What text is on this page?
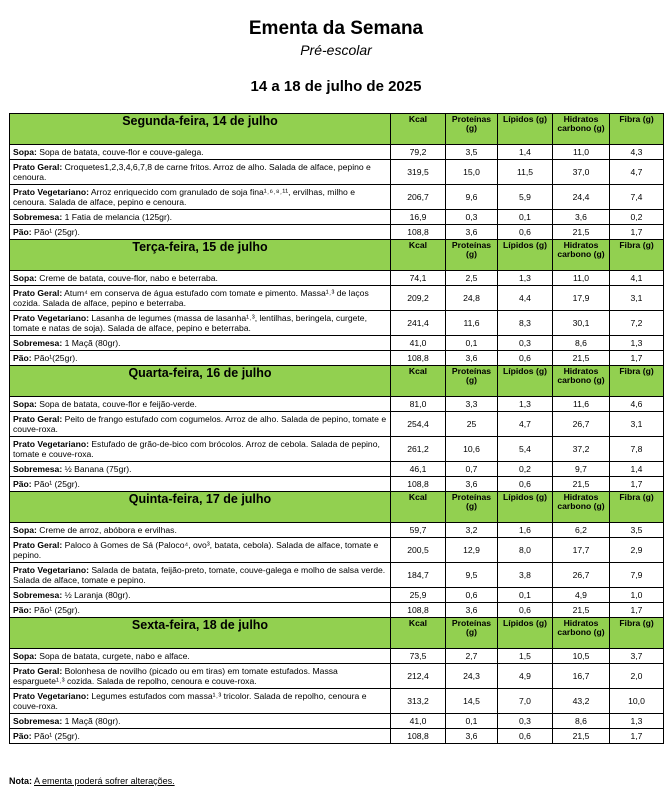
Ementa da Semana
Pré-escolar
14 a 18 de julho de 2025
Segunda-feira, 14 de julho	Kcal	Proteínas (g)	Lípidos (g)	Hidratos carbono (g)	Fibra (g)
Sopa: Sopa de batata, couve-flor e couve-galega.	79,2	3,5	1,4	11,0	4,3
Prato Geral: Croquetes1,2,3,4,6,7,8 de carne fritos. Arroz de alho. Salada de alface, pepino e cenoura.	319,5	15,0	11,5	37,0	4,7
Prato Vegetariano: Arroz enriquecido com granulado de soja fina¹˒⁶˒⁸˒¹¹, ervilhas, milho e cenoura. Salada de alface, pepino e cenoura.	206,7	9,6	5,9	24,4	7,4
Sobremesa: 1 Fatia de melancia (125gr).	16,9	0,3	0,1	3,6	0,2
Pão: Pão¹ (25gr).	108,8	3,6	0,6	21,5	1,7
Terça-feira, 15 de julho	Kcal	Proteínas (g)	Lípidos (g)	Hidratos carbono (g)	Fibra (g)
Sopa: Creme de batata, couve-flor, nabo e beterraba.	74,1	2,5	1,3	11,0	4,1
Prato Geral: Atum⁴ em conserva de água estufado com tomate e pimento. Massa¹˒³ de laços cozida. Salada de alface, pepino e beterraba.	209,2	24,8	4,4	17,9	3,1
Prato Vegetariano: Lasanha de legumes (massa de lasanha¹˒³, lentilhas, beringela, curgete, tomate e natas de soja). Salada de alface, pepino e beterraba.	241,4	11,6	8,3	30,1	7,2
Sobremesa: 1 Maçã (80gr).	41,0	0,1	0,3	8,6	1,3
Pão: Pão¹(25gr).	108,8	3,6	0,6	21,5	1,7
Quarta-feira, 16 de julho	Kcal	Proteínas (g)	Lípidos (g)	Hidratos carbono (g)	Fibra (g)
Sopa: Sopa de batata, couve-flor e feijão-verde.	81,0	3,3	1,3	11,6	4,6
Prato Geral: Peito de frango estufado com cogumelos. Arroz de alho. Salada de pepino, tomate e couve-roxa.	254,4	25	4,7	26,7	3,1
Prato Vegetariano: Estufado de grão-de-bico com brócolos. Arroz de cebola. Salada de pepino, tomate e couve-roxa.	261,2	10,6	5,4	37,2	7,8
Sobremesa: ½ Banana (75gr).	46,1	0,7	0,2	9,7	1,4
Pão: Pão¹ (25gr).	108,8	3,6	0,6	21,5	1,7
Quinta-feira, 17 de julho	Kcal	Proteínas (g)	Lípidos (g)	Hidratos carbono (g)	Fibra (g)
Sopa: Creme de arroz, abóbora e ervilhas.	59,7	3,2	1,6	6,2	3,5
Prato Geral: Paloco à Gomes de Sá (Paloco⁴, ovo³, batata, cebola). Salada de alface, tomate e pepino.	200,5	12,9	8,0	17,7	2,9
Prato Vegetariano: Salada de batata, feijão-preto, tomate, couve-galega e molho de salsa verde. Salada de alface, tomate e pepino.	184,7	9,5	3,8	26,7	7,9
Sobremesa: ½ Laranja (80gr).	25,9	0,6	0,1	4,9	1,0
Pão: Pão¹ (25gr).	108,8	3,6	0,6	21,5	1,7
Sexta-feira, 18 de julho	Kcal	Proteínas (g)	Lípidos (g)	Hidratos carbono (g)	Fibra (g)
Sopa: Sopa de batata, curgete, nabo e alface.	73,5	2,7	1,5	10,5	3,7
Prato Geral: Bolonhesa de novilho (picado ou em tiras) em tomate estufados. Massa esparguete¹˒³ cozida. Salada de repolho, cenoura e couve-roxa.	212,4	24,3	4,9	16,7	2,0
Prato Vegetariano: Legumes estufados com massa¹˒³ tricolor. Salada de repolho, cenoura e couve-roxa.	313,2	14,5	7,0	43,2	10,0
Sobremesa: 1 Maçã (80gr).	41,0	0,1	0,3	8,6	1,3
Pão: Pão¹ (25gr).	108,8	3,6	0,6	21,5	1,7
Nota: A ementa poderá sofrer alterações.
